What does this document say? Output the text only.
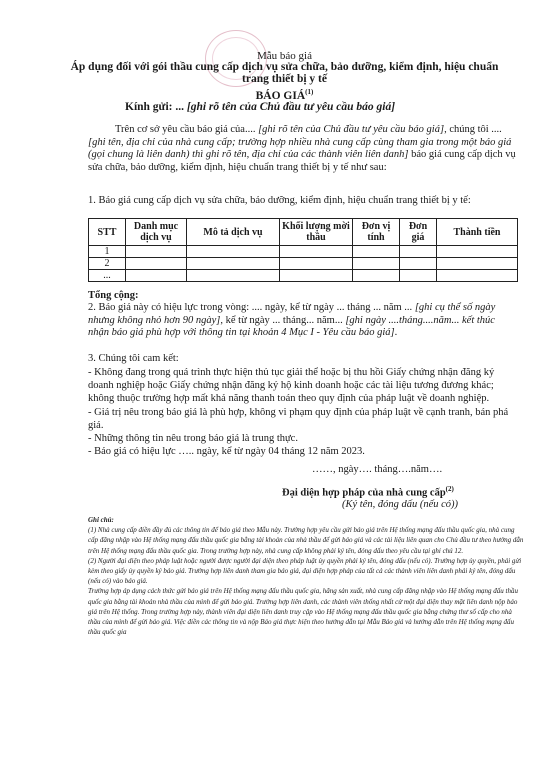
Mẫu báo giá
Áp dụng đối với gói thầu cung cấp dịch vụ sửa chữa, bảo dưỡng, kiểm định, hiệu chuẩn trang thiết bị y tế
BÁO GIÁ$^{(1)}$
Kính gửi: ... [ghi rõ tên của Chủ đầu tư yêu cầu báo giá]
Trên cơ sở yêu cầu báo giá của.... [ghi rõ tên của Chủ đầu tư yêu cầu báo giá], chúng tôi .... [ghi tên, địa chỉ của nhà cung cấp; trường hợp nhiều nhà cung cấp cùng tham gia trong một báo giá (gọi chung là liên danh) thì ghi rõ tên, địa chỉ của các thành viên liên danh] báo giá cung cấp dịch vụ sửa chữa, bảo dưỡng, kiểm định, hiệu chuẩn trang thiết bị y tế như sau:
1. Báo giá cung cấp dịch vụ sửa chữa, bảo dưỡng, kiểm định, hiệu chuẩn trang thiết bị y tế:
STT	Danh mục dịch vụ	Mô tả dịch vụ	Khối lượng mời thầu	Đơn vị tính	Đơn giá	Thành tiền
1						
2						
...						
Tổng cộng:
2. Báo giá này có hiệu lực trong vòng: .... ngày, kể từ ngày ... tháng ... năm ... [ghi cụ thể số ngày nhưng không nhỏ hơn 90 ngày], kể từ ngày ... tháng... năm... [ghi ngày ....tháng....năm... kết thúc nhận báo giá phù hợp với thông tin tại khoản 4 Mục I - Yêu cầu báo giá].
3. Chúng tôi cam kết:
- Không đang trong quá trình thực hiện thủ tục giải thể hoặc bị thu hồi Giấy chứng nhận đăng ký doanh nghiệp hoặc Giấy chứng nhận đăng ký hộ kinh doanh hoặc các tài liệu tương đương khác; không thuộc trường hợp mất khả năng thanh toán theo quy định của pháp luật về doanh nghiệp.
- Giá trị nêu trong báo giá là phù hợp, không vi phạm quy định của pháp luật về cạnh tranh, bán phá giá.
- Những thông tin nêu trong báo giá là trung thực.
- Báo giá có hiệu lực ….. ngày, kể từ ngày 04 tháng 12 năm 2023.
……, ngày…. tháng….năm….
Đại diện hợp pháp của nhà cung cấp$^{(2)}$
(Ký tên, đóng dấu (nếu có))
Ghi chú:
(1) Nhà cung cấp điền đầy đủ các thông tin để báo giá theo Mẫu này. Trường hợp yêu cầu gửi báo giá trên Hệ thống mạng đấu thầu quốc gia, nhà cung cấp đăng nhập vào Hệ thống mạng đấu thầu quốc gia bằng tài khoản của nhà thầu để gửi báo giá và các tài liệu liên quan cho Chủ đầu tư theo hướng dẫn trên Hệ thống mạng đấu thầu quốc gia. Trong trường hợp này, nhà cung cấp không phải ký tên, đóng dấu theo yêu cầu tại ghi chú 12.
(2) Người đại diện theo pháp luật hoặc người được người đại diện theo pháp luật ủy quyền phải ký tên, đóng dấu (nếu có). Trường hợp ủy quyền, phải gửi kèm theo giấy ủy quyền ký báo giá. Trường hợp liên danh tham gia báo giá, đại diện hợp pháp của tất cả các thành viên liên danh phải ký tên, đóng dấu (nếu có) vào báo giá.
Trường hợp áp dụng cách thức gửi báo giá trên Hệ thống mạng đấu thầu quốc gia, hãng sản xuất, nhà cung cấp đăng nhập vào Hệ thống mạng đấu thầu quốc gia bằng tài khoản nhà thầu của mình để gửi báo giá. Trường hợp liên danh, các thành viên thống nhất cử một đại diện thay mặt liên danh nộp báo giá trên Hệ thống. Trong trường hợp này, thành viên đại diện liên danh truy cập vào Hệ thống mạng đấu thầu quốc gia bằng chứng thư số cấp cho nhà thầu của mình để gửi báo giá. Việc điền các thông tin và nộp Báo giá thực hiện theo hướng dẫn tại Mẫu Báo giá và hướng dẫn trên Hệ thống mạng đấu thầu quốc gia
